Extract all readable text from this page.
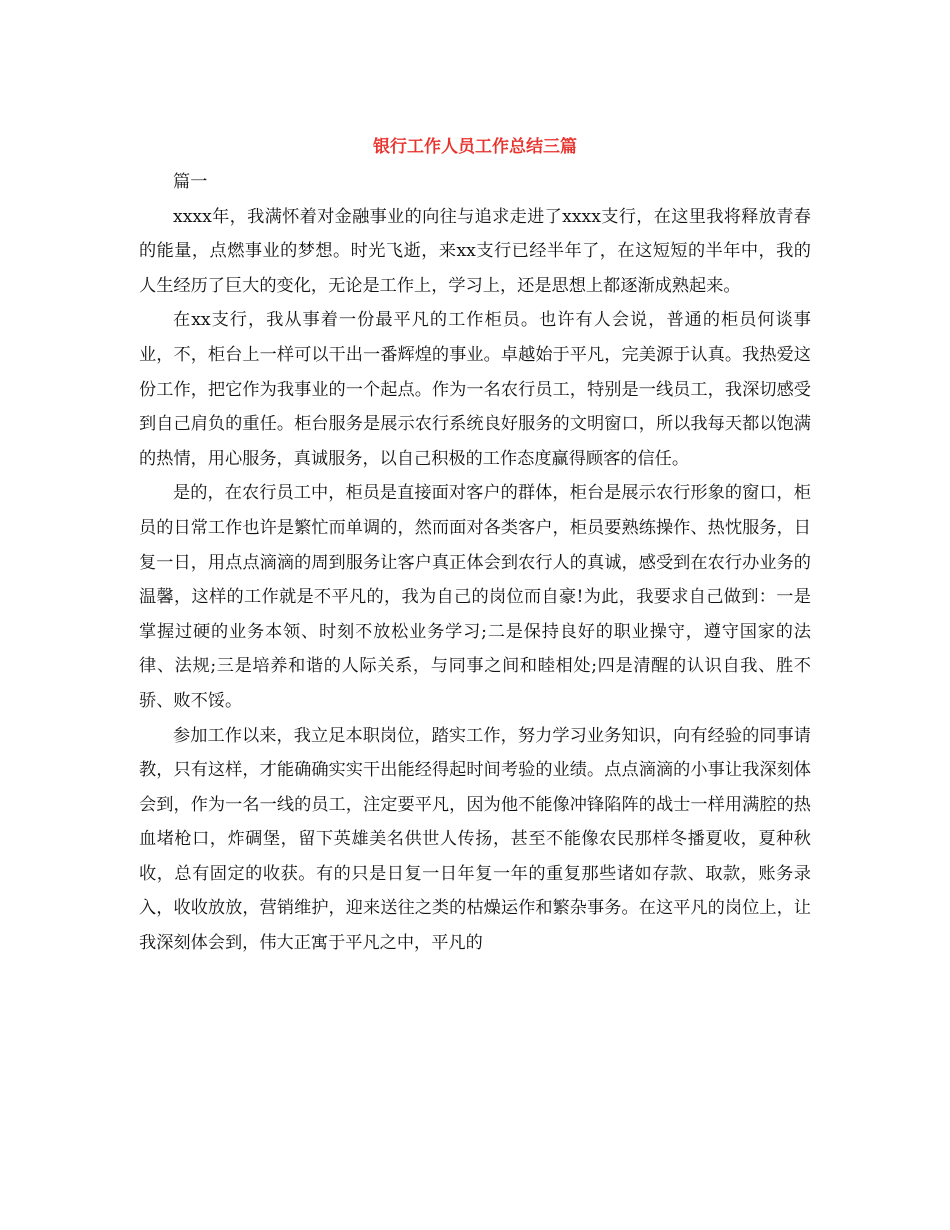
银行工作人员工作总结三篇

篇一

xxxx年，我满怀着对金融事业的向往与追求走进了xxxx支行，在这里我将释放青春的能量，点燃事业的梦想。时光飞逝，来xx支行已经半年了，在这短短的半年中，我的人生经历了巨大的变化，无论是工作上，学习上，还是思想上都逐渐成熟起来。

在xx支行，我从事着一份最平凡的工作柜员。也许有人会说，普通的柜员何谈事业，不，柜台上一样可以干出一番辉煌的事业。卓越始于平凡，完美源于认真。我热爱这份工作，把它作为我事业的一个起点。作为一名农行员工，特别是一线员工，我深切感受到自己肩负的重任。柜台服务是展示农行系统良好服务的文明窗口，所以我每天都以饱满的热情，用心服务，真诚服务，以自己积极的工作态度赢得顾客的信任。

是的，在农行员工中，柜员是直接面对客户的群体，柜台是展示农行形象的窗口，柜员的日常工作也许是繁忙而单调的，然而面对各类客户，柜员要熟练操作、热忱服务，日复一日，用点点滴滴的周到服务让客户真正体会到农行人的真诚，感受到在农行办业务的温馨，这样的工作就是不平凡的，我为自己的岗位而自豪!为此，我要求自己做到：一是掌握过硬的业务本领、时刻不放松业务学习;二是保持良好的职业操守，遵守国家的法律、法规;三是培养和谐的人际关系，与同事之间和睦相处;四是清醒的认识自我、胜不骄、败不馁。

参加工作以来，我立足本职岗位，踏实工作，努力学习业务知识，向有经验的同事请教，只有这样，才能确确实实干出能经得起时间考验的业绩。点点滴滴的小事让我深刻体会到，作为一名一线的员工，注定要平凡，因为他不能像冲锋陷阵的战士一样用满腔的热血堵枪口，炸碉堡，留下英雄美名供世人传扬，甚至不能像农民那样冬播夏收，夏种秋收，总有固定的收获。有的只是日复一日年复一年的重复那些诸如存款、取款，账务录入，收收放放，营销维护，迎来送往之类的枯燥运作和繁杂事务。在这平凡的岗位上，让我深刻体会到，伟大正寓于平凡之中，平凡的
